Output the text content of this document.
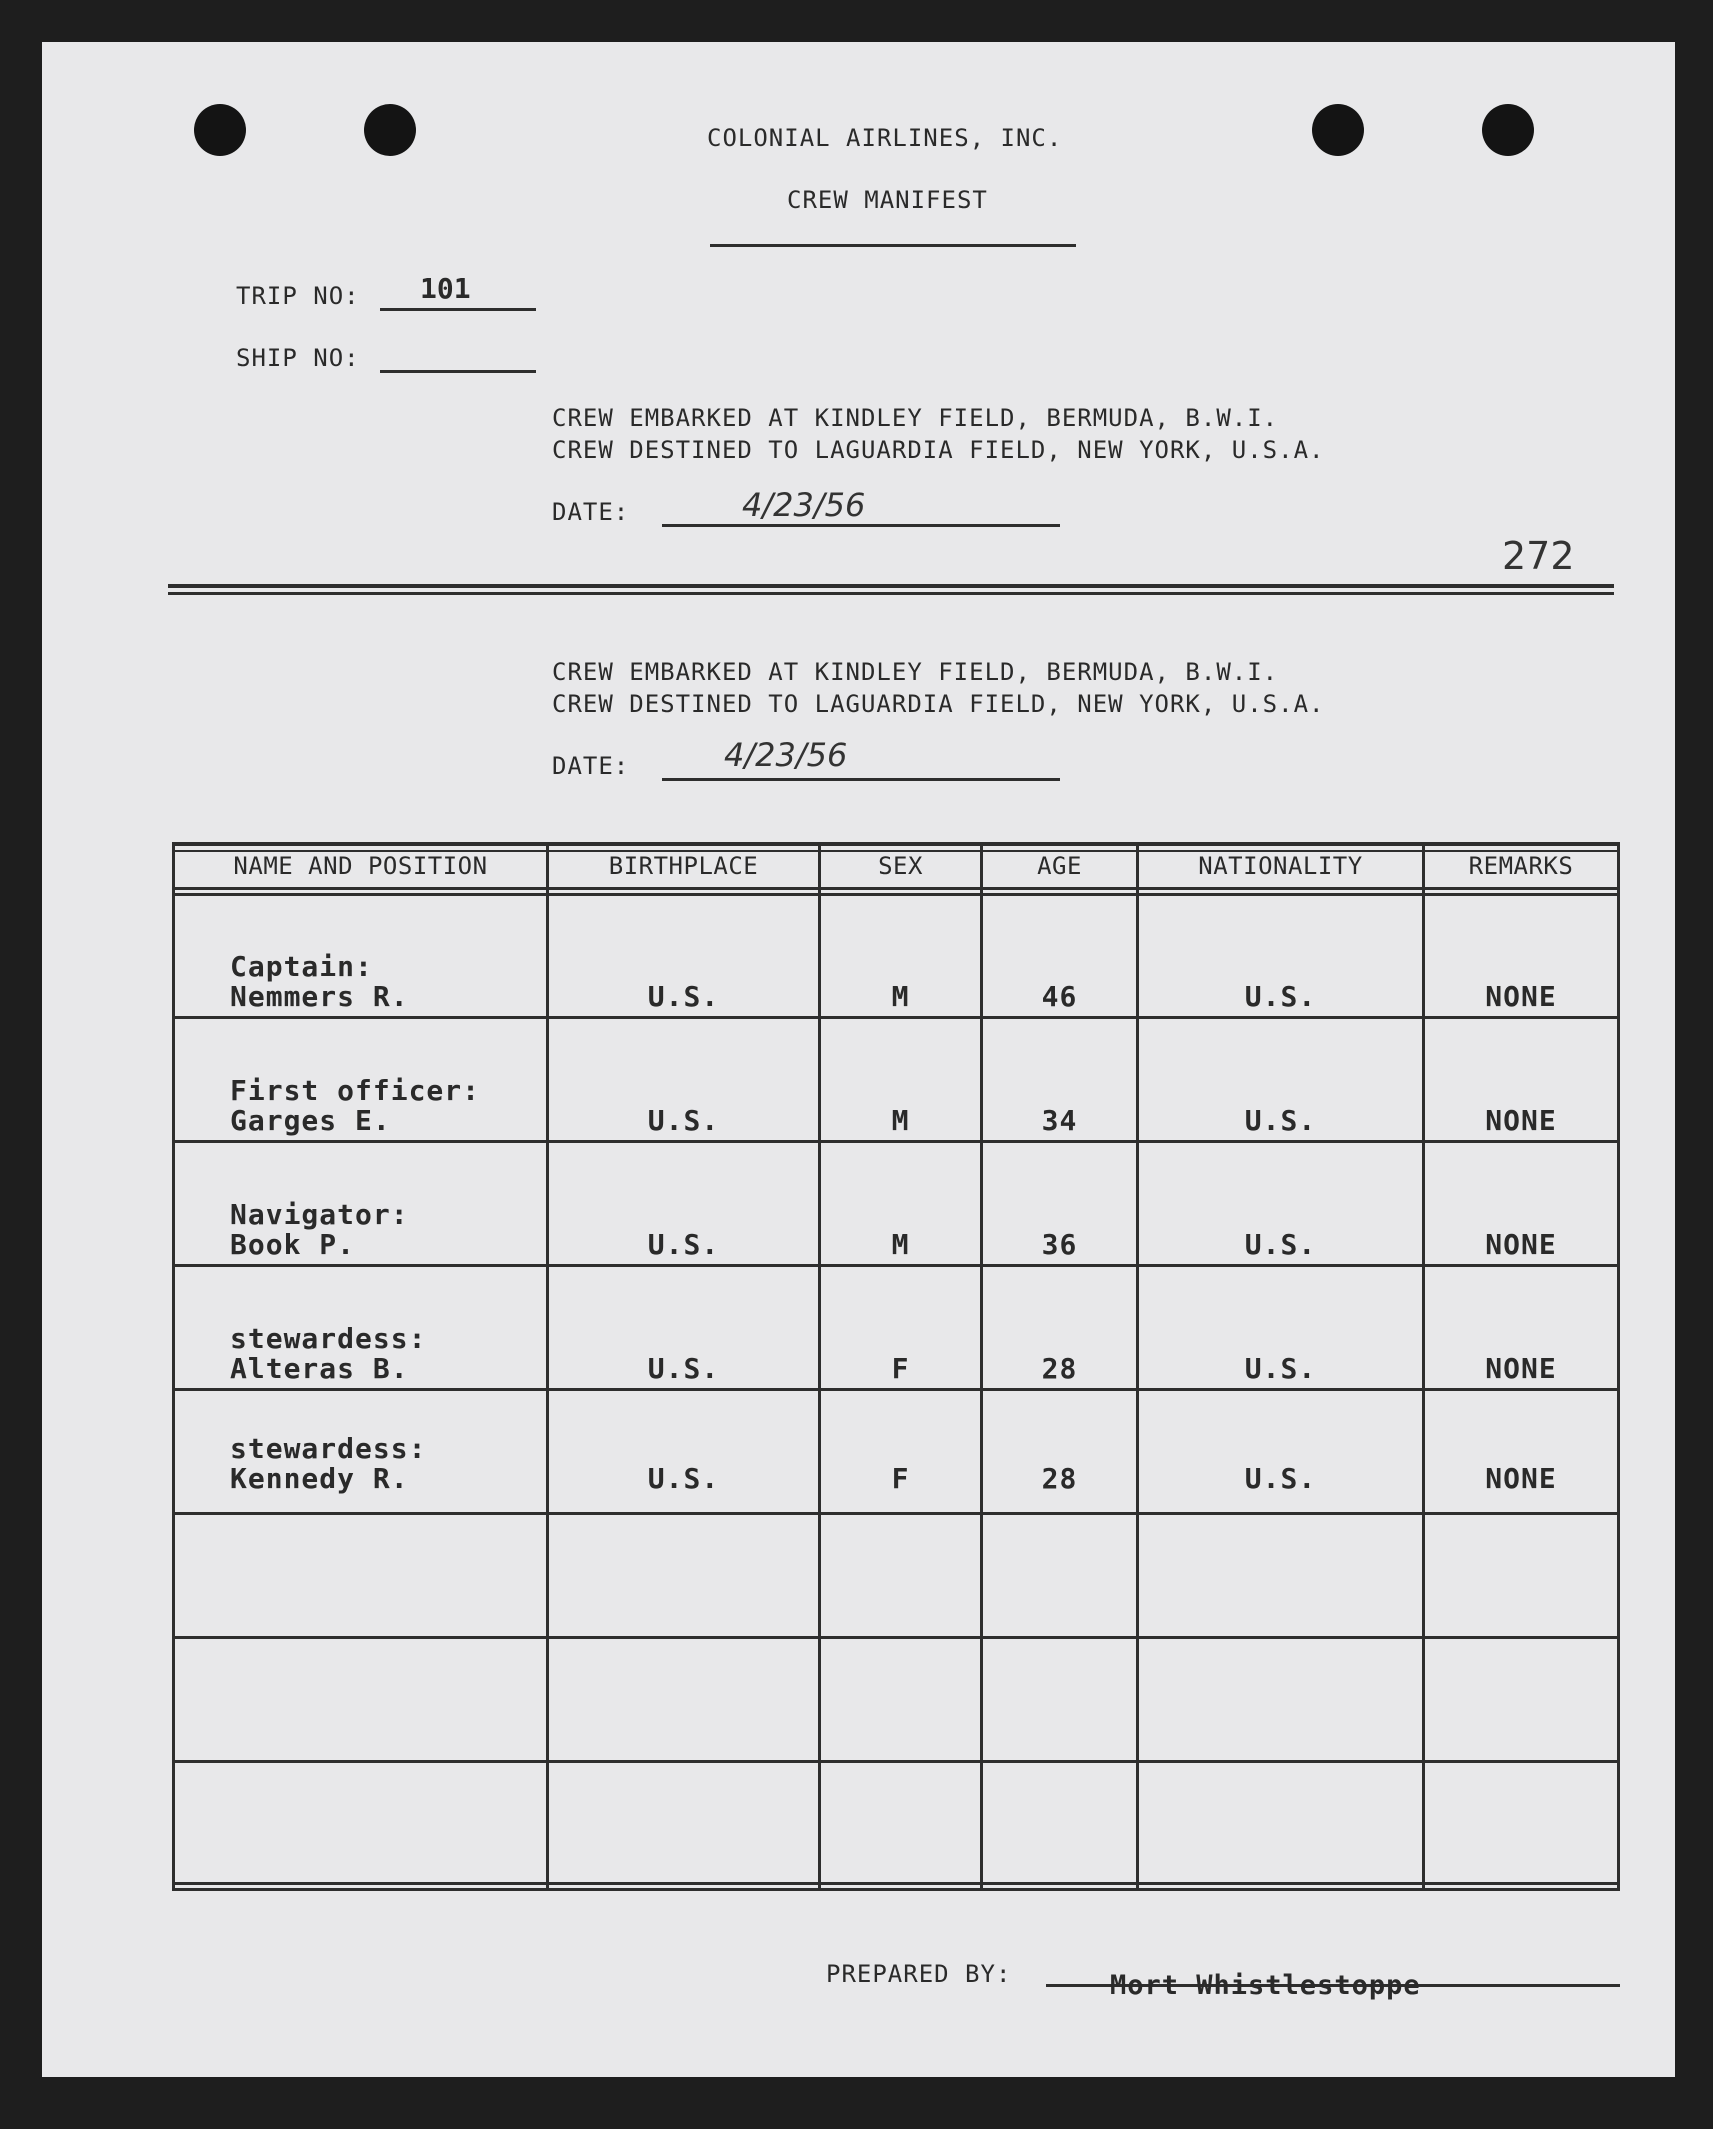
COLONIAL AIRLINES, INC.
CREW MANIFEST
TRIP NO: 101
SHIP NO:
CREW EMBARKED AT KINDLEY FIELD, BERMUDA, B.W.I.
CREW DESTINED TO LAGUARDIA FIELD, NEW YORK, U.S.A.
DATE:	4/23/56
272
CREW EMBARKED AT KINDLEY FIELD, BERMUDA, B.W.I.
CREW DESTINED TO LAGUARDIA FIELD, NEW YORK, U.S.A.
DATE:	4/23/56
NAME AND POSITION	BIRTHPLACE	SEX	AGE	NATIONALITY	REMARKS
Captain:
Nemmers R.	U.S.	M	46	U.S.	NONE
First officer:
Garges E.	U.S.	M	34	U.S.	NONE
Navigator:
Book P.	U.S.	M	36	U.S.	NONE
stewardess:
Alteras B.	U.S.	F	28	U.S.	NONE
stewardess:
Kennedy R.	U.S.	F	28	U.S.	NONE
PREPARED BY:	Mort Whistlestoppe
